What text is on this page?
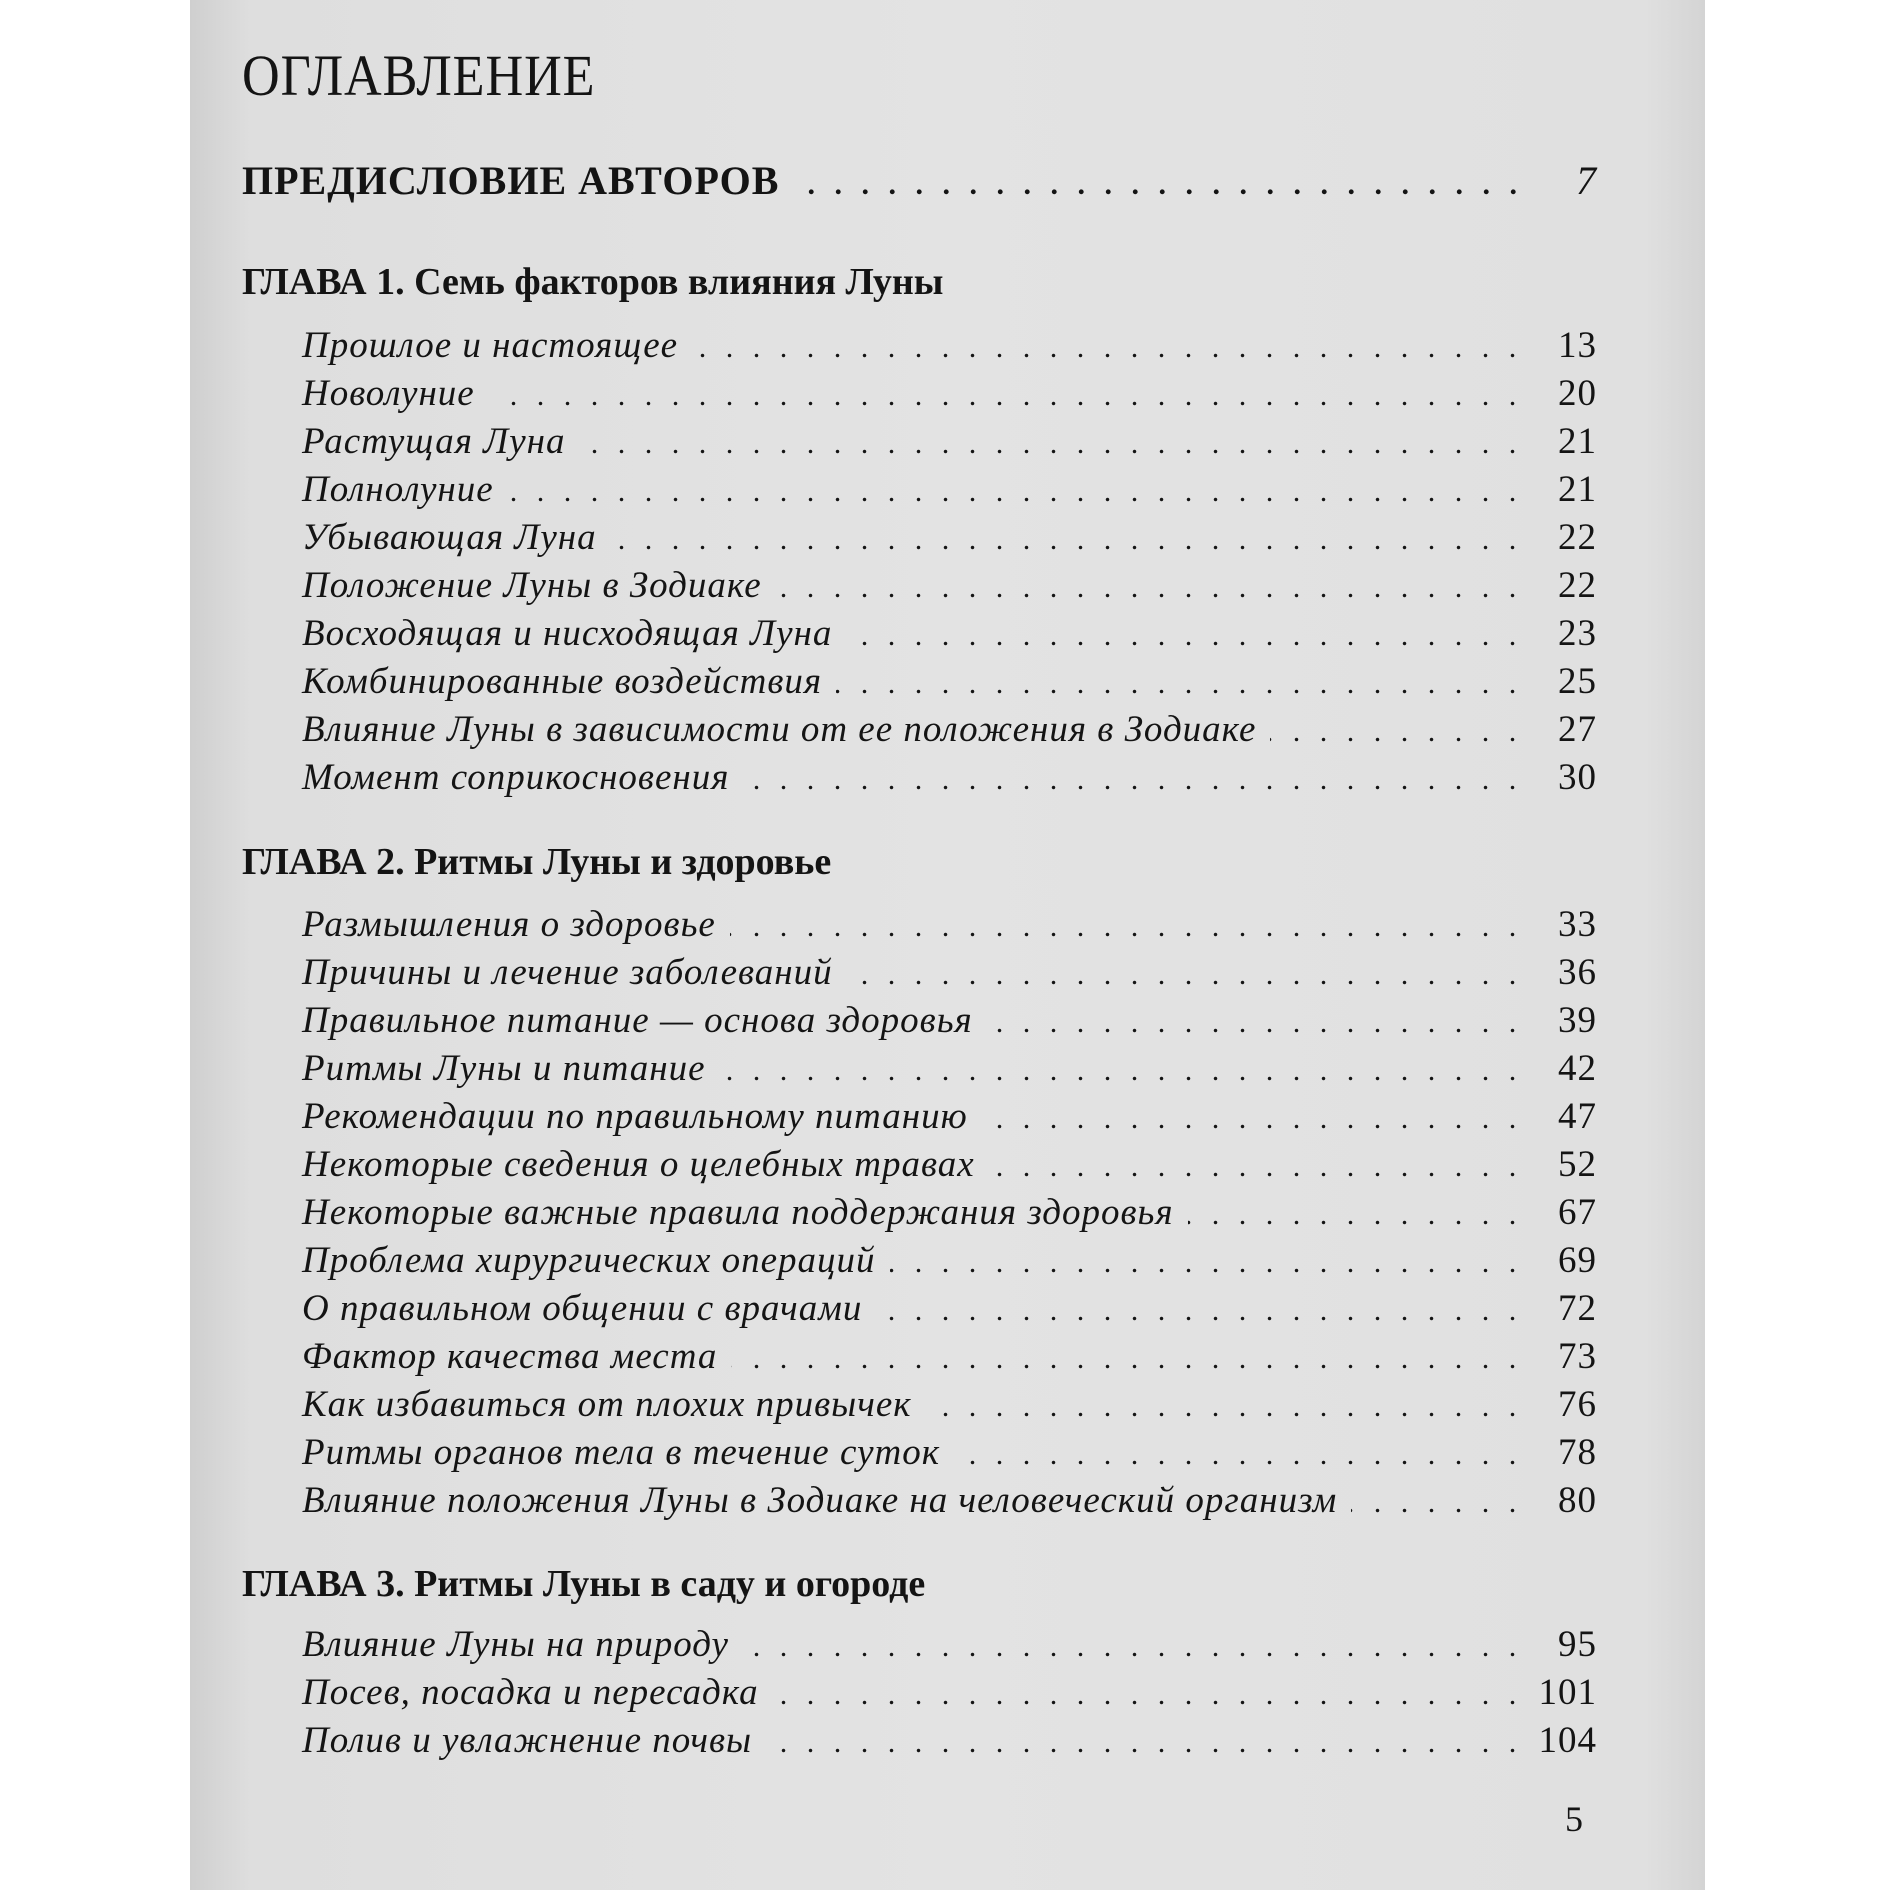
ОГЛАВЛЕНИЕ
ПРЕДИСЛОВИЕ АВТОРОВ . . .	7
ГЛАВА 1. Семь факторов влияния Луны
Прошлое и настоящее . . .	13
Новолуние . . .	20
Растущая Луна . . .	21
Полнолуние . . .	21
Убывающая Луна . . .	22
Положение Луны в Зодиаке . . .	22
Восходящая и нисходящая Луна . . .	23
Комбинированные воздействия . . .	25
Влияние Луны в зависимости от ее положения в Зодиаке . . .	27
Момент соприкосновения . . .	30
ГЛАВА 2. Ритмы Луны и здоровье
Размышления о здоровье . . .	33
Причины и лечение заболеваний . . .	36
Правильное питание — основа здоровья . . .	39
Ритмы Луны и питание . . .	42
Рекомендации по правильному питанию . . .	47
Некоторые сведения о целебных травах . . .	52
Некоторые важные правила поддержания здоровья . . .	67
Проблема хирургических операций . . .	69
О правильном общении с врачами . . .	72
Фактор качества места . . .	73
Как избавиться от плохих привычек . . .	76
Ритмы органов тела в течение суток . . .	78
Влияние положения Луны в Зодиаке на человеческий организм . . .	80
ГЛАВА 3. Ритмы Луны в саду и огороде
Влияние Луны на природу . . .	95
Посев, посадка и пересадка . . .	101
Полив и увлажнение почвы . . .	104
5
